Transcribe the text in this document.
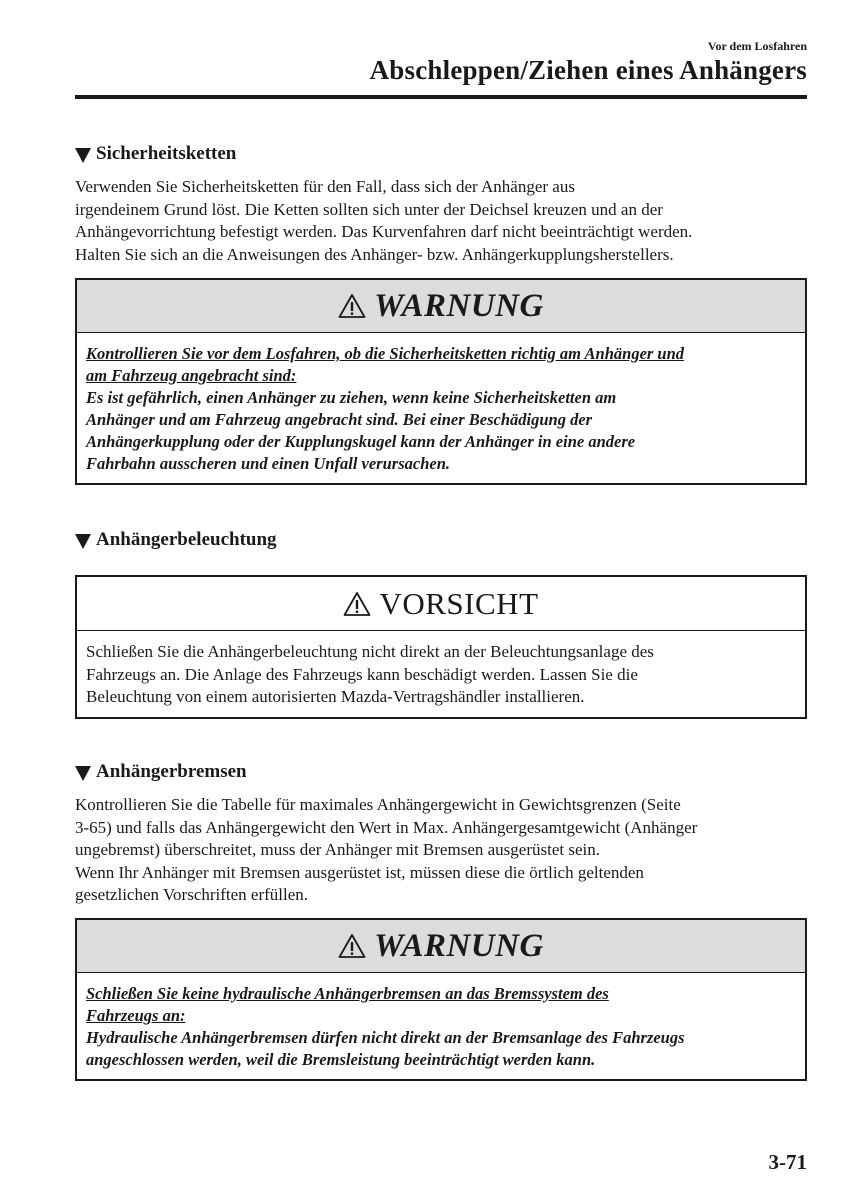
Vor dem Losfahren
Abschleppen/Ziehen eines Anhängers
Sicherheitsketten
Verwenden Sie Sicherheitsketten für den Fall, dass sich der Anhänger aus
irgendeinem Grund löst. Die Ketten sollten sich unter der Deichsel kreuzen und an der
Anhängevorrichtung befestigt werden. Das Kurvenfahren darf nicht beeinträchtigt werden.
Halten Sie sich an die Anweisungen des Anhänger- bzw. Anhängerkupplungsherstellers.
WARNUNG
Kontrollieren Sie vor dem Losfahren, ob die Sicherheitsketten richtig am Anhänger und
am Fahrzeug angebracht sind:
Es ist gefährlich, einen Anhänger zu ziehen, wenn keine Sicherheitsketten am
Anhänger und am Fahrzeug angebracht sind. Bei einer Beschädigung der
Anhängerkupplung oder der Kupplungskugel kann der Anhänger in eine andere
Fahrbahn ausscheren und einen Unfall verursachen.
Anhängerbeleuchtung
VORSICHT
Schließen Sie die Anhängerbeleuchtung nicht direkt an der Beleuchtungsanlage des
Fahrzeugs an. Die Anlage des Fahrzeugs kann beschädigt werden. Lassen Sie die
Beleuchtung von einem autorisierten Mazda-Vertragshändler installieren.
Anhängerbremsen
Kontrollieren Sie die Tabelle für maximales Anhängergewicht in Gewichtsgrenzen (Seite
3-65) und falls das Anhängergewicht den Wert in Max. Anhängergesamtgewicht (Anhänger
ungebremst) überschreitet, muss der Anhänger mit Bremsen ausgerüstet sein.
Wenn Ihr Anhänger mit Bremsen ausgerüstet ist, müssen diese die örtlich geltenden
gesetzlichen Vorschriften erfüllen.
WARNUNG
Schließen Sie keine hydraulische Anhängerbremsen an das Bremssystem des
Fahrzeugs an:
Hydraulische Anhängerbremsen dürfen nicht direkt an der Bremsanlage des Fahrzeugs
angeschlossen werden, weil die Bremsleistung beeinträchtigt werden kann.
3-71
